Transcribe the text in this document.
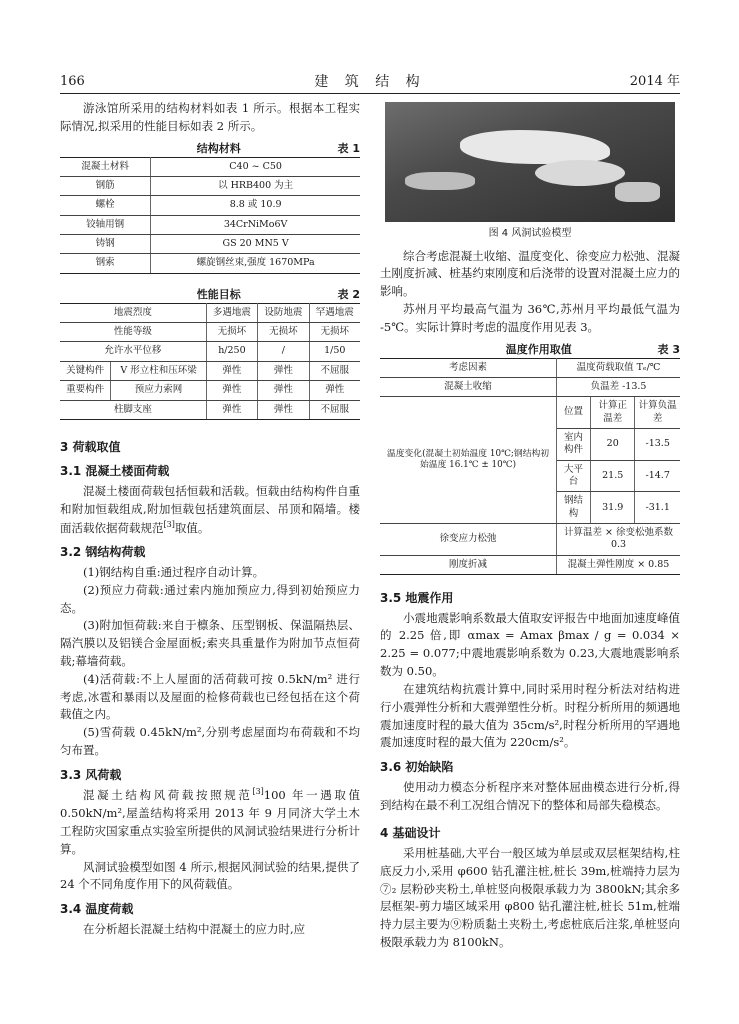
166	建 筑 结 构	2014 年

游泳馆所采用的结构材料如表 1 所示。根据本工程实际情况,拟采用的性能目标如表 2 所示。

结构材料	表 1
混凝土材料	C40 ~ C50
钢筋	以 HRB400 为主
螺栓	8.8 或 10.9
铰轴用钢	34CrNiMo6V
铸钢	GS 20 MN5 V
钢索	螺旋钢丝束,强度 1670MPa
性能目标	表 2
地震烈度		多遇地震	设防地震	罕遇地震
性能等级		无损坏	无损坏	无损坏
允许水平位移		h/250	/	1/50
关键构件	V 形立柱和压环梁	弹性	弹性	不屈服
重要构件	预应力索网	弹性	弹性	弹性
柱脚支座		弹性	弹性	不屈服
3 荷载取值
3.1 混凝土楼面荷载

混凝土楼面荷载包括恒载和活载。恒载由结构构件自重和附加恒载组成,附加恒载包括建筑面层、吊顶和隔墙。楼面活载依据荷载规范[3]取值。

3.2 钢结构荷载

(1)钢结构自重:通过程序自动计算。

(2)预应力荷载:通过索内施加预应力,得到初始预应力态。

(3)附加恒荷载:来自于檩条、压型钢板、保温隔热层、隔汽膜以及铝镁合金屋面板;索夹具重量作为附加节点恒荷载;幕墙荷载。

(4)活荷载:不上人屋面的活荷载可按 0.5kN/m² 进行考虑,冰雹和暴雨以及屋面的检修荷载也已经包括在这个荷载值之内。

(5)雪荷载 0.45kN/m²,分别考虑屋面均布荷载和不均匀布置。

3.3 风荷载

混凝土结构风荷载按照规范[3]100 年一遇取值 0.50kN/m²,屋盖结构将采用 2013 年 9 月同济大学土木工程防灾国家重点实验室所提供的风洞试验结果进行分析计算。

风洞试验模型如图 4 所示,根据风洞试验的结果,提供了 24 个不同角度作用下的风荷载值。

3.4 温度荷载

在分析超长混凝土结构中混凝土的应力时,应

图 4 风洞试验模型

综合考虑混凝土收缩、温度变化、徐变应力松弛、混凝土刚度折减、桩基约束刚度和后浇带的设置对混凝土应力的影响。

苏州月平均最高气温为 36℃,苏州月平均最低气温为 -5℃。实际计算时考虑的温度作用见表 3。

温度作用取值	表 3
考虑因素	温度荷载取值 Tₑ/℃		
混凝土收缩	负温差 -13.5		
温度变化(混凝土初始温度 10℃;钢结构初始温度 16.1℃ ± 10℃)	位置	计算正温差	计算负温差
	室内构件	20	-13.5
	大平台	21.5	-14.7
	钢结构	31.9	-31.1
徐变应力松弛	计算温差 × 徐变松弛系数 0.3		
刚度折减	混凝土弹性刚度 × 0.85		
3.5 地震作用

小震地震影响系数最大值取安评报告中地面加速度峰值的 2.25 倍,即 αmax = Amax βmax / g = 0.034 × 2.25 = 0.077;中震地震影响系数为 0.23,大震地震影响系数为 0.50。

在建筑结构抗震计算中,同时采用时程分析法对结构进行小震弹性分析和大震弹塑性分析。时程分析所用的频遇地震加速度时程的最大值为 35cm/s²,时程分析所用的罕遇地震加速度时程的最大值为 220cm/s²。

3.6 初始缺陷

使用动力模态分析程序来对整体屈曲模态进行分析,得到结构在最不利工况组合情况下的整体和局部失稳模态。

4 基础设计

采用桩基础,大平台一般区域为单层或双层框架结构,柱底反力小,采用 φ600 钻孔灌注桩,桩长 39m,桩端持力层为⑦₂ 层粉砂夹粉土,单桩竖向极限承载力为 3800kN;其余多层框架-剪力墙区域采用 φ800 钻孔灌注桩,桩长 51m,桩端持力层主要为⑨粉质黏土夹粉土,考虑桩底后注浆,单桩竖向极限承载力为 8100kN。
